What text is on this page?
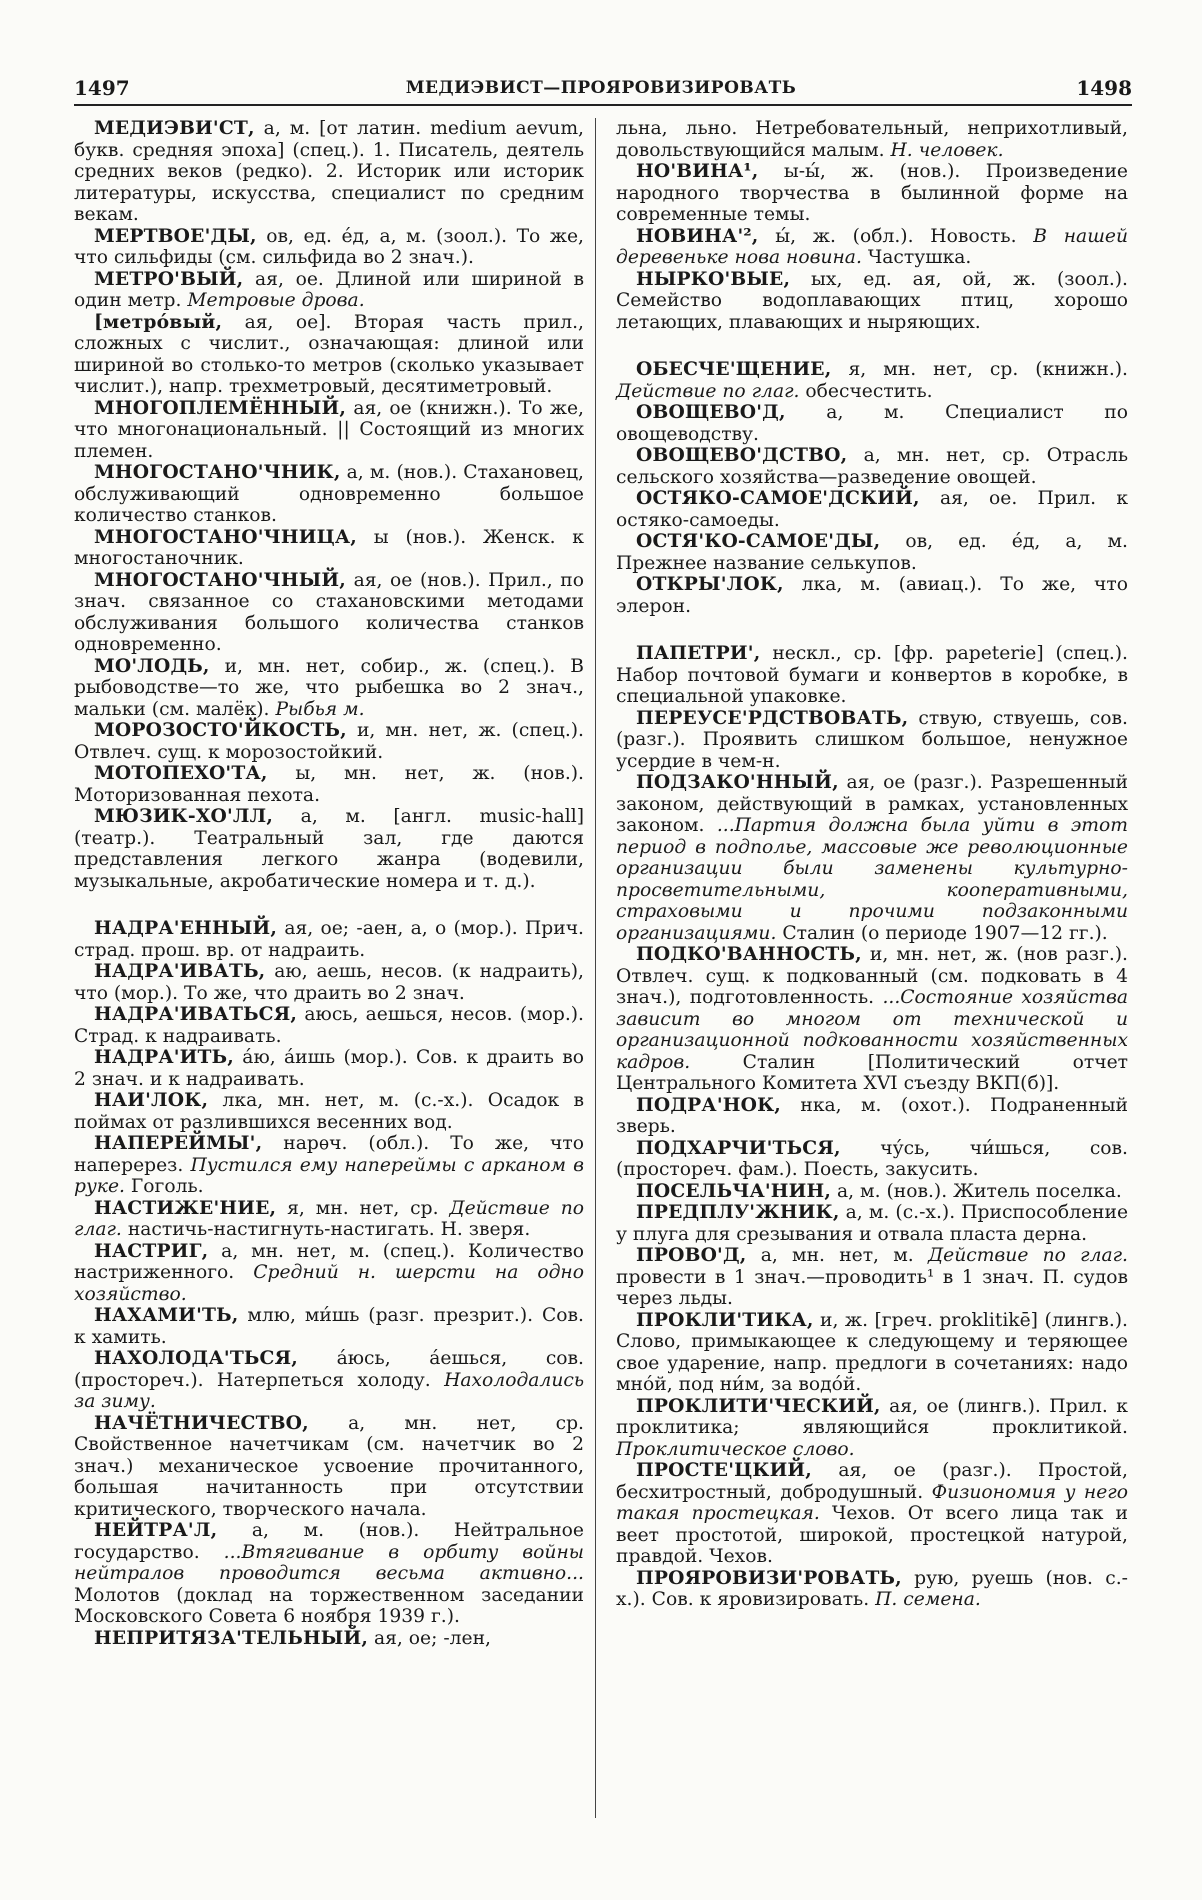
1497	МЕДИЭВИСТ—ПРОЯРОВИЗИРОВАТЬ	1498

МЕДИЭВИ'СТ, а, м. [от латин. medium aevum, букв. средняя эпоха] (спец.). 1. Писатель, деятель средних веков (редко). 2. Историк или историк литературы, искусства, специалист по средним векам.

МЕРТВОЕ'ДЫ, ов, ед. е́д, а, м. (зоол.). То же, что сильфиды (см. сильфида во 2 знач.).

МЕТРО'ВЫЙ, ая, ое. Длиной или шириной в один метр. Метровые дрова.

[метро́вый, ая, ое]. Вторая часть прил., сложных с числит., означающая: длиной или шириной во столько-то метров (сколько указывает числит.), напр. трехметровый, десятиметровый.

МНОГОПЛЕМЁННЫЙ, ая, ое (книжн.). То же, что многонациональный. || Состоящий из многих племен.

МНОГОСТАНО'ЧНИК, а, м. (нов.). Стахановец, обслуживающий одновременно большое количество станков.

МНОГОСТАНО'ЧНИЦА, ы (нов.). Женск. к многостаночник.

МНОГОСТАНО'ЧНЫЙ, ая, ое (нов.). Прил., по знач. связанное со стахановскими методами обслуживания большого количества станков одновременно.

МО'ЛОДЬ, и, мн. нет, собир., ж. (спец.). В рыбоводстве—то же, что рыбешка во 2 знач., мальки (см. малёк). Рыбья м.

МОРОЗОСТО'ЙКОСТЬ, и, мн. нет, ж. (спец.). Отвлеч. сущ. к морозостойкий.

МОТОПЕХО'ТА, ы, мн. нет, ж. (нов.). Моторизованная пехота.

МЮЗИК-ХО'ЛЛ, а, м. [англ. music-hall] (театр.). Театральный зал, где даются представления легкого жанра (водевили, музыкальные, акробатические номера и т. д.).

НАДРА'ЕННЫЙ, ая, ое; -аен, а, о (мор.). Прич. страд. прош. вр. от надраить.

НАДРА'ИВАТЬ, аю, аешь, несов. (к надраить), что (мор.). То же, что драить во 2 знач.

НАДРА'ИВАТЬСЯ, аюсь, аешься, несов. (мор.). Страд. к надраивать.

НАДРА'ИТЬ, а́ю, а́ишь (мор.). Сов. к драить во 2 знач. и к надраивать.

НАИ'ЛОК, лка, мн. нет, м. (с.-х.). Осадок в поймах от разлившихся весенних вод.

НАПЕРЕЙМЫ', нарѳч. (обл.). То же, что наперерез. Пустился ему наперeймы с арканом в руке. Гоголь.

НАСТИЖЕ'НИЕ, я, мн. нет, ср. Действие по глаг. настичь-настигнуть-настигать. Н. зверя.

НАСТРИГ, а, мн. нет, м. (спец.). Количество настриженного. Средний н. шерсти на одно хозяйство.

НАХАМИ'ТЬ, млю, ми́шь (разг. презрит.). Сов. к хамить.

НАХОЛОДА'ТЬСЯ, а́юсь, а́ешься, сов. (простореч.). Натерпеться холоду. Нахолодались за зиму.

НАЧЁТНИЧЕСТВО, а, мн. нет, ср. Свойственное начетчикам (см. начетчик во 2 знач.) механическое усвоение прочитанного, большая начитанность при отсутствии критического, творческого начала.

НЕЙТРА'Л, а, м. (нов.). Нейтральное государство. ...Втягивание в орбиту войны нейтралов проводится весьма активно... Молотов (доклад на торжественном заседании Московского Совета 6 ноября 1939 г.).

НЕПРИТЯЗА'ТЕЛЬНЫЙ, ая, ое; -лен,

льна, льно. Нетребовательный, неприхотливый, довольствующийся малым. Н. человек.

НО'ВИНА¹, ы-ы́, ж. (нов.). Произведение народного творчества в былинной форме на современные темы.

НОВИНА'², ы́, ж. (обл.). Новость. В нашей деревеньке нова новина. Частушка.

НЫРКО'ВЫЕ, ых, ед. ая, ой, ж. (зоол.). Семейство водоплавающих птиц, хорошо летающих, плавающих и ныряющих.

ОБЕСЧЕ'ЩЕНИЕ, я, мн. нет, ср. (книжн.). Действие по глаг. обесчестить.

ОВОЩЕВО'Д, а, м. Специалист по овощеводству.

ОВОЩЕВО'ДСТВО, а, мн. нет, ср. Отрасль сельского хозяйства—разведение овощей.

ОСТЯКО-САМОЕ'ДСКИЙ, ая, ое. Прил. к остяко-самоеды.

ОСТЯ'КО-САМОЕ'ДЫ, ов, ед. е́д, а, м. Прежнее название селькупов.

ОТКРЫ'ЛОК, лка, м. (авиац.). То же, что элерон.

ПАПЕТРИ', нескл., ср. [фр. papeterie] (спец.). Набор почтовой бумаги и конвертов в коробке, в специальной упаковке.

ПЕРЕУСЕ'РДСТВОВАТЬ, ствую, ствуешь, сов. (разг.). Проявить слишком большое, ненужное усердие в чем-н.

ПОДЗАКО'ННЫЙ, ая, ое (разг.). Разрешенный законом, действующий в рамках, установленных законом. ...Партия должна была уйти в этот период в подполье, массовые же революционные организации были заменены культурно-просветительными, кооперативными, страховыми и прочими подзаконными организациями. Сталин (о периоде 1907—12 гг.).

ПОДКО'ВАННОСТЬ, и, мн. нет, ж. (нов разг.). Отвлеч. сущ. к подкованный (см. подковать в 4 знач.), подготовленность. ...Состояние хозяйства зависит во многом от технической и организационной подкованности хозяйственных кадров. Сталин [Политический отчет Центрального Комитета XVI съезду ВКП(б)].

ПОДРА'НОК, нка, м. (охот.). Подраненный зверь.

ПОДХАРЧИ'ТЬСЯ, чу́сь, чи́шься, сов. (простореч. фам.). Поесть, закусить.

ПОСЕЛЬЧА'НИН, а, м. (нов.). Житель поселка.

ПРЕДПЛУ'ЖНИК, а, м. (с.-х.). Приспособление у плуга для срезывания и отвала пласта дерна.

ПРОВО'Д, а, мн. нет, м. Действие по глаг. провести в 1 знач.—проводить¹ в 1 знач. П. судов через льды.

ПРОКЛИ'ТИКА, и, ж. [греч. proklitikē] (лингв.). Слово, примыкающее к следующему и теряющее свое ударение, напр. предлоги в сочетаниях: надо мно́й, под ни́м, за водо́й.

ПРОКЛИТИ'ЧЕСКИЙ, ая, ое (лингв.). Прил. к проклитика; являющийся проклитикой. Проклитическое слово.

ПРОСТЕ'ЦКИЙ, ая, ое (разг.). Простой, бесхитростный, добродушный. Физиономия у него такая простецкая. Чехов. От всего лица так и веет простотой, широкой, простецкой натурой, правдой. Чехов.

ПРОЯРОВИЗИ'РОВАТЬ, рую, руешь (нов. с.-х.). Сов. к яровизировать. П. семена.
